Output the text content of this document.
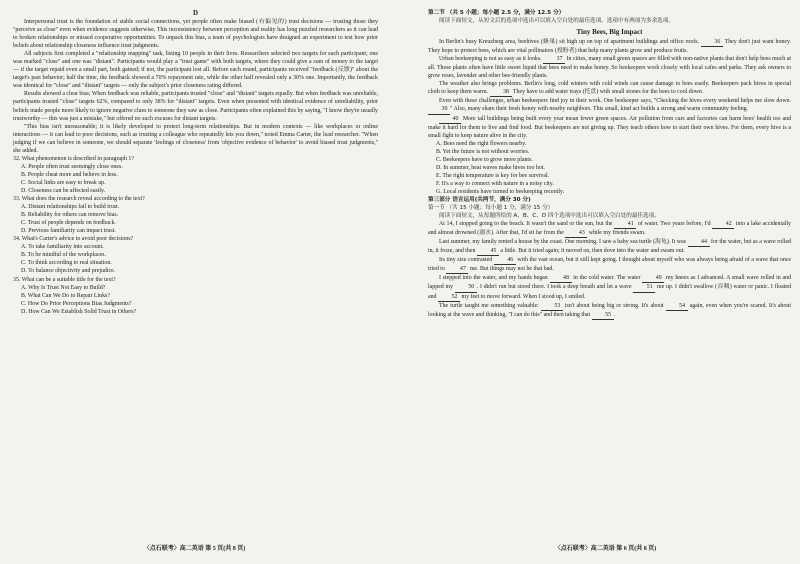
D

Interpersonal trust is the foundation of stable social connections, yet people often make biased (有偏见的) trust decisions — trusting those they "perceive as close" even when evidence suggests otherwise. This inconsistency between perception and reality has long puzzled researchers as it can lead to broken relationships or missed cooperative opportunities. To unpack this bias, a team of psychologists have designed an experiment to test how prior beliefs about relationship closeness influence trust judgments.

All subjects first completed a "relationship mapping" task, listing 10 people in their lives. Researchers selected two targets for each participant; one was marked "close" and one was "distant". Participants would play a "trust game" with both targets, where they could give a sum of money to the target — if the target repaid even a small part, both gained; if not, the participant lost all. Before each round, participants received "feedback (反馈)" about the target's past behavior; half the time, the feedback showed a 70% repayment rate, while the other half revealed only a 30% one. Importantly, the feedback was identical for "close" and "distant" targets — only the subject's prior closeness rating differed.

Results showed a clear bias; When feedback was reliable, participants trusted "close" and "distant" targets equally. But when feedback was unreliable, participants trusted "close" targets 62%, compared to only 38% for "distant" targets. Even when presented with identical evidence of unreliability, prior beliefs made people more likely to ignore negative clues to someone they saw as close. Participants often explained this by saying, "I know they're usually trustworthy — this was just a mistake," but offered no such excuses for distant targets.

"This bias isn't unreasonable; it is likely developed to protect long-term relationships. But in modern contexts — like workplaces or online interactions — it can lead to poor decisions, such as trusting a colleague who repeatedly lets you down," noted Emma Carter, the lead researcher. "When judging if we can believe in someone, we should separate 'feelings of closeness' from 'objective evidence of behavior' to avoid biased trust judgments," she added.

32. What phenomenon is described in paragraph 1?

A. People often trust seemingly close ones.

B. People cheat more and believe in less.

C. Social links are easy to break up.

D. Closeness can be affected easily.

33. What does the research reveal according to the text?

A. Distant relationships fail to build trust.

B. Reliability for others can remove bias.

C. Trust of people depends on feedback.

D. Previous familiarity can impact trust.

34. What's Carter's advice to avoid poor decisions?

A. To take familiarity into account.

B. To be mindful of the workplaces.

C. To think according to real situation.

D. To balance objectivity and prejudice.

35. What can be a suitable title for the text?

A. Why Is Trust Not Easy to Build?

B. What Can We Do to Repair Links?

C. How Do Prior Perceptions Bias Judgments?

D. How Can We Establish Solid Trust in Others?

〈点石联考〉高二英语 第 5 页(共 8 页)

第二节 （共 5 小题；每小题 2.5 分，满分 12.5 分）

阅读下面短文，从短文后的选项中选出可以填入空白处的最佳选项。选项中有两项为多余选项。

Tiny Bees, Big Impact

In Berlin's busy Kreuzberg area, beehives (蜂巢) sit high up on top of apartment buildings and office roofs.	36 They don't just want honey. They hope to protect bees, which are vital pollinators (授粉者) that help many plants grow and produce fruits.

Urban beekeeping is not as easy as it looks.	37 In cities, many small green spaces are filled with non-native plants that don't help bees much at all. These plants often have little sweet liquid that bees need to make honey. So beekeepers work closely with local cafes and parks. They ask owners to grow roses, lavender and other bee-friendly plants.

The weather also brings problems. Berlin's long, cold winters with cold winds can cause damage to bees easily. Beekeepers pack hives in special cloth to keep them warm.	38 They have to add water trays (托盘) with small stones for the bees to cool down.

Even with these challenges, urban beekeepers find joy in their work. One beekeeper says, "Checking the hives every weekend helps me slow down. 39 " Also, many share their fresh honey with nearby neighbors. This small, kind act builds a strong and warm community feeling.

40 More tall buildings being built every year mean fewer green spaces. Air pollution from cars and factories can harm bees' health too and make it hard for them to live and find food. But beekeepers are not giving up. They teach others how to start their own hives. For them, every hive is a small fight to keep nature alive in the city.

A. Bees need the right flowers nearby.

B. Yet the future is not without worries.

C. Beekeepers have to grow more plants.

D. In summer, heat waves make hives too hot.

E. The right temperature is key for bee survival.

F. It's a way to connect with nature in a noisy city.

G. Local residents have turned to beekeeping recently.

第三部分 语言运用(共两节，满分 30 分)

第一节 （共 15 小题；每小题 1 分，满分 15 分）

阅读下面短文，从每题所给的 A、B、C、D 四个选项中选出可以填入空白处的最佳选项。

At 14, I stopped going to the beach. It wasn't the sand or the sun, but the	41 of water. Two years before, I'd	42 into a lake accidentally and almost drowned (溺水). After that, I'd sit far from the	43 while my friends swam.

Last summer, my family rented a house by the coast. One morning, I saw a baby sea turtle (海龟). It was	44 for the water, but as a wave rolled in, it froze, and then	45 a little. But it tried again; it moved on, then dove into the water and swam out.

Its tiny size contrasted	46 with the vast ocean, but it still kept going. I thought about myself who was always being afraid of a wave that once tried to	47 me. But things may not be that bad.

I stepped into the water, and my hands began	48 in the cold water. The water	49 my knees as I advanced. A small wave rolled in and lapped my	50 . I didn't run but stood there. I took a deep breath and let a wave	51 me up. I didn't swallow (吞咽) water or panic. I floated and	52 my feet to move forward. When I stood up, I smiled.

The turtle taught me something valuable:	53 isn't about being big or strong. It's about	54 again, even when you're scared. It's about looking at the wave and thinking, "I can do this" and then taking that	55 .

〈点石联考〉高二英语 第 6 页(共 8 页)
